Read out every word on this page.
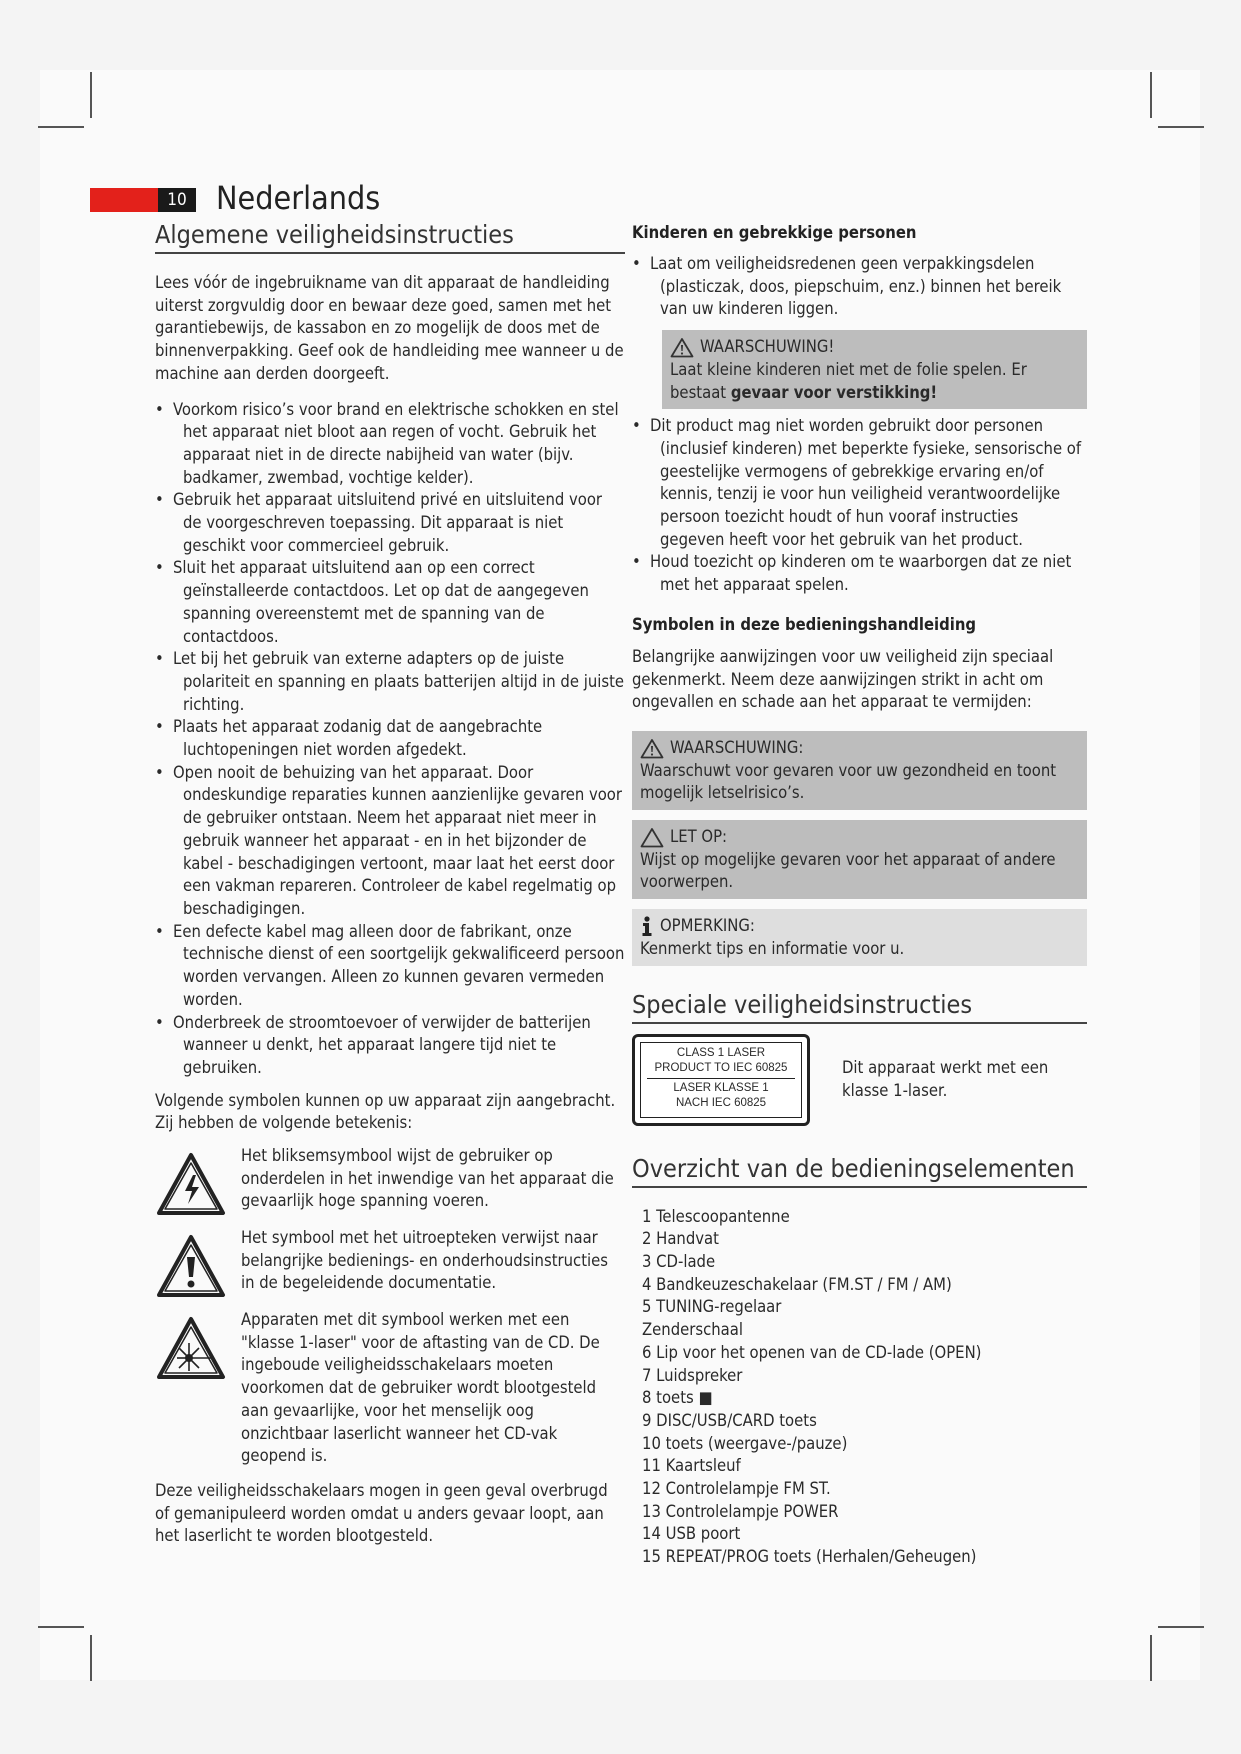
10 Nederlands
Algemene veiligheidsinstructies

Lees vóór de ingebruikname van dit apparaat de handleiding uiterst zorgvuldig door en bewaar deze goed, samen met het garantiebewijs, de kassabon en zo mogelijk de doos met de binnenverpakking. Geef ook de handleiding mee wanneer u de machine aan derden doorgeeft.

• Voorkom risico’s voor brand en elektrische schokken en stel het apparaat niet bloot aan regen of vocht. Gebruik het apparaat niet in de directe nabijheid van water (bijv. badkamer, zwembad, vochtige kelder).
• Gebruik het apparaat uitsluitend privé en uitsluitend voor de voorgeschreven toepassing. Dit apparaat is niet geschikt voor commercieel gebruik.
• Sluit het apparaat uitsluitend aan op een correct geïnstalleerde contactdoos. Let op dat de aangegeven spanning overeenstemt met de spanning van de contactdoos.
• Let bij het gebruik van externe adapters op de juiste polariteit en spanning en plaats batterijen altijd in de juiste richting.
• Plaats het apparaat zodanig dat de aangebrachte luchtopeningen niet worden afgedekt.
• Open nooit de behuizing van het apparaat. Door ondeskundige reparaties kunnen aanzienlijke gevaren voor de gebruiker ontstaan. Neem het apparaat niet meer in gebruik wanneer het apparaat - en in het bijzonder de kabel - beschadigingen vertoont, maar laat het eerst door een vakman repareren. Controleer de kabel regelmatig op beschadigingen.
• Een defecte kabel mag alleen door de fabrikant, onze technische dienst of een soortgelijk gekwalificeerd persoon worden vervangen. Alleen zo kunnen gevaren vermeden worden.
• Onderbreek de stroomtoevoer of verwijder de batterijen wanneer u denkt, het apparaat langere tijd niet te gebruiken.

Volgende symbolen kunnen op uw apparaat zijn aangebracht. Zij hebben de volgende betekenis:

Het bliksemsymbool wijst de gebruiker op onderdelen in het inwendige van het apparaat die gevaarlijk hoge spanning voeren.

Het symbool met het uitroepteken verwijst naar belangrijke bedienings- en onderhoudsinstructies in de begeleidende documentatie.

Apparaten met dit symbool werken met een "klasse 1-laser" voor de aftasting van de CD. De ingeboude veiligheidsschakelaars moeten voorkomen dat de gebruiker wordt blootgesteld aan gevaarlijke, voor het menselijk oog onzichtbaar laserlicht wanneer het CD-vak geopend is.

Deze veiligheidsschakelaars mogen in geen geval overbrugd of gemanipuleerd worden omdat u anders gevaar loopt, aan het laserlicht te worden blootgesteld.

Kinderen en gebrekkige personen
• Laat om veiligheidsredenen geen verpakkingsdelen (plasticzak, doos, piepschuim, enz.) binnen het bereik van uw kinderen liggen.
WAARSCHUWING!

Laat kleine kinderen niet met de folie spelen. Er bestaat gevaar voor verstikking!

• Dit product mag niet worden gebruikt door personen (inclusief kinderen) met beperkte fysieke, sensorische of geestelijke vermogens of gebrekkige ervaring en/of kennis, tenzij ie voor hun veiligheid verantwoordelijke persoon toezicht houdt of hun vooraf instructies gegeven heeft voor het gebruik van het product.
• Houd toezicht op kinderen om te waarborgen dat ze niet met het apparaat spelen.
Symbolen in deze bedieningshandleiding

Belangrijke aanwijzingen voor uw veiligheid zijn speciaal gekenmerkt. Neem deze aanwijzingen strikt in acht om ongevallen en schade aan het apparaat te vermijden:

WAARSCHUWING:

Waarschuwt voor gevaren voor uw gezondheid en toont mogelijk letselrisico’s.

LET OP:

Wijst op mogelijke gevaren voor het apparaat of andere voorwerpen.

OPMERKING:

Kenmerkt tips en informatie voor u.

Speciale veiligheidsinstructies
CLASS 1 LASER
PRODUCT TO IEC 60825
LASER KLASSE 1
NACH IEC 60825

Dit apparaat werkt met een klasse 1-laser.

Overzicht van de bedieningselementen
1 Telescoopantenne
2 Handvat
3 CD-lade
4 Bandkeuzeschakelaar (FM.ST / FM / AM)
5 TUNING-regelaar
Zenderschaal
6 Lip voor het openen van de CD-lade (OPEN)
7 Luidspreker
8 toets ■
9 DISC/USB/CARD toets
10 toets (weergave-/pauze)
11 Kaartsleuf
12 Controlelampje FM ST.
13 Controlelampje POWER
14 USB poort
15 REPEAT/PROG toets (Herhalen/Geheugen)
